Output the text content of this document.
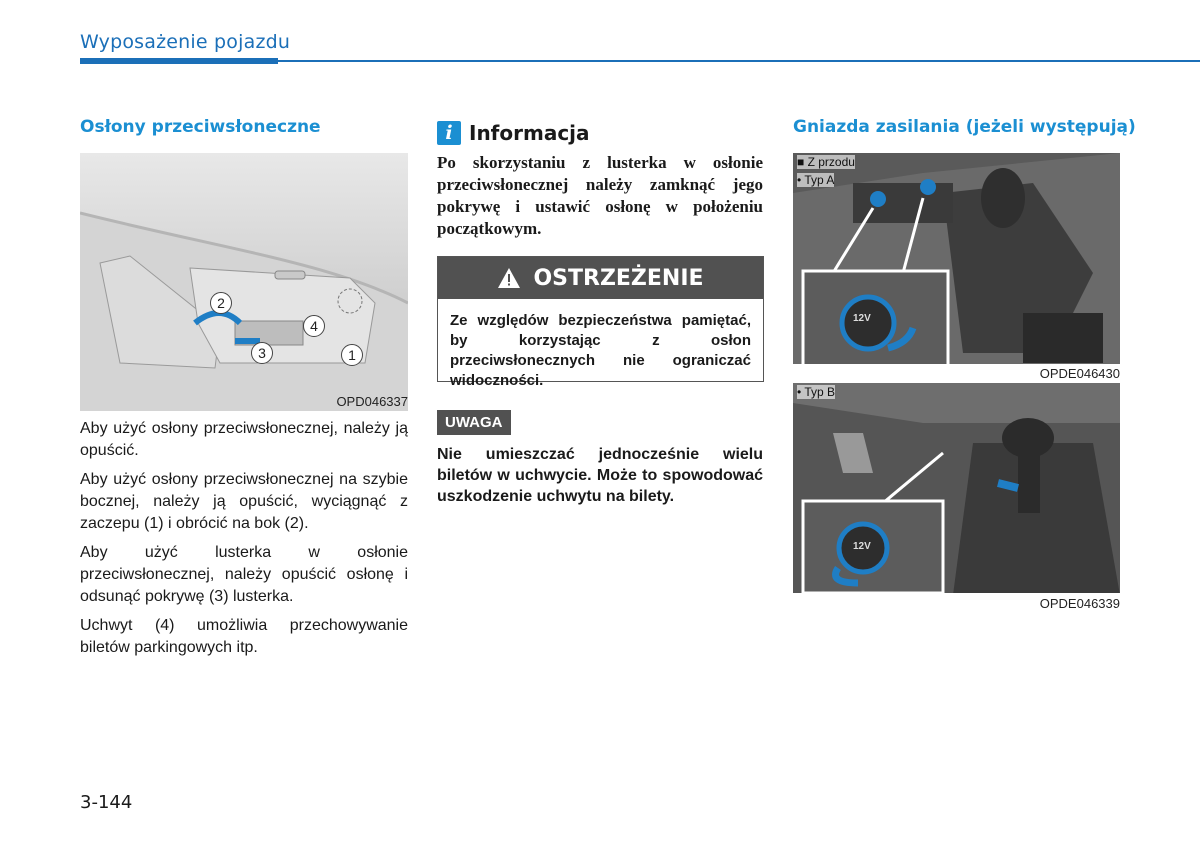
Wyposażenie pojazdu
Osłony przeciwsłoneczne
2
4
3	1
OPD046337

Aby użyć osłony przeciwsłonecznej, należy ją opuścić.

Aby użyć osłony przeciwsłonecznej na szybie bocznej, należy ją opuścić, wyciągnąć z zaczepu (1) i obrócić na bok (2).

Aby użyć lusterka w osłonie przeciwsłonecznej, należy opuścić osłonę i odsunąć pokrywę (3) lusterka.

Uchwyt (4) umożliwia przechowywanie biletów parkingowych itp.

i Informacja
Po skorzystaniu z lusterka w osłonie przeciwsłonecznej należy zamknąć jego pokrywę i ustawić osłonę w położeniu początkowym.
OSTRZEŻENIE
Ze względów bezpieczeństwa pamiętać, by korzystając z osłon przeciwsłonecznych nie ograniczać widoczności.
UWAGA
Nie umieszczać jednocześnie wielu biletów w uchwycie. Może to spowodować uszkodzenie uchwytu na bilety.
Gniazda zasilania (jeżeli występują)
■ Z przodu
• Typ A
12V
OPDE046430
• Typ B
12V
OPDE046339
3-144
